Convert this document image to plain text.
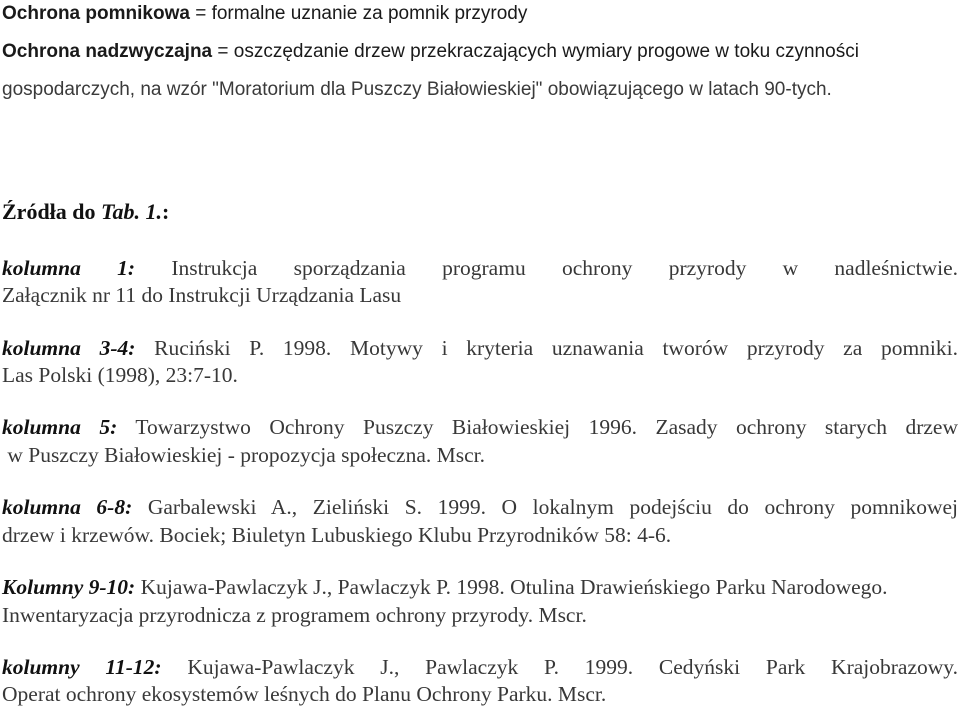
Ochrona pomnikowa = formalne uznanie za pomnik przyrody
Ochrona nadzwyczajna = oszczędzanie drzew przekraczających wymiary progowe w toku czynności
gospodarczych, na wzór "Moratorium dla Puszczy Białowieskiej" obowiązującego w latach 90-tych.
Źródła do Tab. 1.:
kolumna 1: Instrukcja sporządzania programu ochrony przyrody w nadleśnictwie.
Załącznik nr 11 do Instrukcji Urządzania Lasu
kolumna 3-4: Ruciński P. 1998. Motywy i kryteria uznawania tworów przyrody za pomniki.
Las Polski (1998), 23:7-10.
kolumna 5: Towarzystwo Ochrony Puszczy Białowieskiej 1996. Zasady ochrony starych drzew
w Puszczy Białowieskiej - propozycja społeczna. Mscr.
kolumna 6-8: Garbalewski A., Zieliński S. 1999. O lokalnym podejściu do ochrony pomnikowej
drzew i krzewów. Bociek; Biuletyn Lubuskiego Klubu Przyrodników 58: 4-6.
Kolumny 9-10: Kujawa-Pawlaczyk J., Pawlaczyk P. 1998. Otulina Drawieńskiego Parku Narodowego.
Inwentaryzacja przyrodnicza z programem ochrony przyrody. Mscr.
kolumny 11-12: Kujawa-Pawlaczyk J., Pawlaczyk P. 1999. Cedyński Park Krajobrazowy.
Operat ochrony ekosystemów leśnych do Planu Ochrony Parku. Mscr.
